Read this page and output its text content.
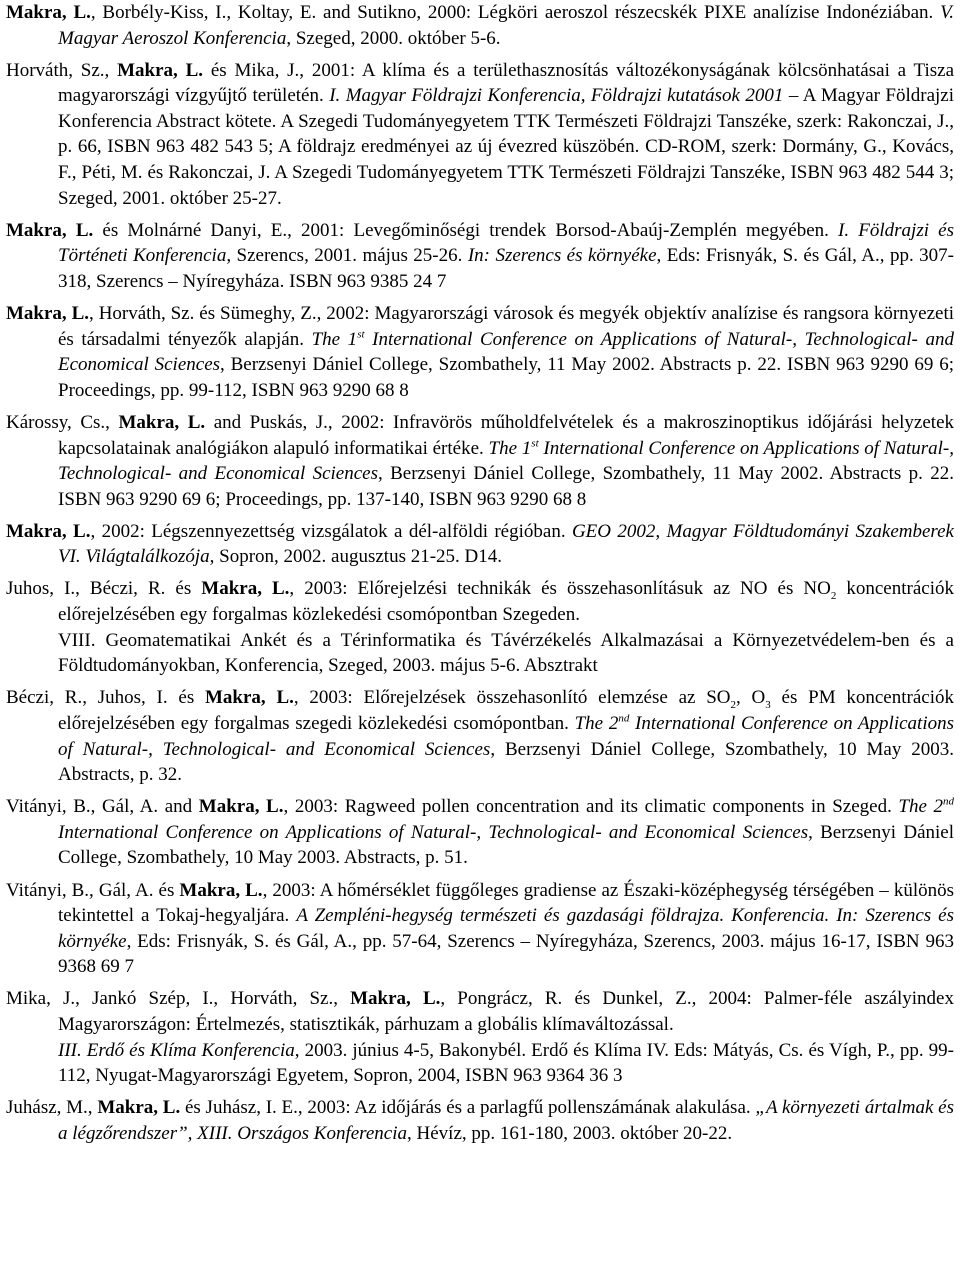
Makra, L., Borbély-Kiss, I., Koltay, E. and Sutikno, 2000: Légköri aeroszol részecskék PIXE analízise Indonéziában. V. Magyar Aeroszol Konferencia, Szeged, 2000. október 5-6.

Horváth, Sz., Makra, L. és Mika, J., 2001: A klíma és a területhasznosítás változékonyságának kölcsönhatásai a Tisza magyarországi vízgyűjtő területén. I. Magyar Földrajzi Konferencia, Földrajzi kutatások 2001 – A Magyar Földrajzi Konferencia Abstract kötete. A Szegedi Tudományegyetem TTK Természeti Földrajzi Tanszéke, szerk: Rakonczai, J., p. 66, ISBN 963 482 543 5; A földrajz eredményei az új évezred küszöbén. CD-ROM, szerk: Dormány, G., Kovács, F., Péti, M. és Rakonczai, J. A Szegedi Tudományegyetem TTK Természeti Földrajzi Tanszéke, ISBN 963 482 544 3; Szeged, 2001. október 25-27.

Makra, L. és Molnárné Danyi, E., 2001: Levegőminőségi trendek Borsod-Abaúj-Zemplén megyében. I. Földrajzi és Történeti Konferencia, Szerencs, 2001. május 25-26. In: Szerencs és környéke, Eds: Frisnyák, S. és Gál, A., pp. 307-318, Szerencs – Nyíregyháza. ISBN 963 9385 24 7

Makra, L., Horváth, Sz. és Sümeghy, Z., 2002: Magyarországi városok és megyék objektív analízise és rangsora környezeti és társadalmi tényezők alapján. The 1st International Conference on Applications of Natural-, Technological- and Economical Sciences, Berzsenyi Dániel College, Szombathely, 11 May 2002. Abstracts p. 22. ISBN 963 9290 69 6; Proceedings, pp. 99-112, ISBN 963 9290 68 8

Károssy, Cs., Makra, L. and Puskás, J., 2002: Infravörös műholdfelvételek és a makroszinoptikus időjárási helyzetek kapcsolatainak analógiákon alapuló informatikai értéke. The 1st International Conference on Applications of Natural-, Technological- and Economical Sciences, Berzsenyi Dániel College, Szombathely, 11 May 2002. Abstracts p. 22. ISBN 963 9290 69 6; Proceedings, pp. 137-140, ISBN 963 9290 68 8

Makra, L., 2002: Légszennyezettség vizsgálatok a dél-alföldi régióban. GEO 2002, Magyar Földtudományi Szakemberek VI. Világtalálkozója, Sopron, 2002. augusztus 21-25. D14.

Juhos, I., Béczi, R. és Makra, L., 2003: Előrejelzési technikák és összehasonlításuk az NO és $NO_2$ koncentrációk előrejelzésében egy forgalmas közlekedési csomópontban Szegeden.
VIII. Geomatematikai Ankét és a Térinformatika és Távérzékelés Alkalmazásai a Környezetvédelem-ben és a Földtudományokban, Konferencia, Szeged, 2003. május 5-6. Absztrakt

Béczi, R., Juhos, I. és Makra, L., 2003: Előrejelzések összehasonlító elemzése az $SO_2$, $O_3$ és PM koncentrációk előrejelzésében egy forgalmas szegedi közlekedési csomópontban. The 2nd International Conference on Applications of Natural-, Technological- and Economical Sciences, Berzsenyi Dániel College, Szombathely, 10 May 2003. Abstracts, p. 32.

Vitányi, B., Gál, A. and Makra, L., 2003: Ragweed pollen concentration and its climatic components in Szeged. The 2nd International Conference on Applications of Natural-, Technological- and Economical Sciences, Berzsenyi Dániel College, Szombathely, 10 May 2003. Abstracts, p. 51.

Vitányi, B., Gál, A. és Makra, L., 2003: A hőmérséklet függőleges gradiense az Északi-középhegység térségében – különös tekintettel a Tokaj-hegyaljára. A Zempléni-hegység természeti és gazdasági földrajza. Konferencia. In: Szerencs és környéke, Eds: Frisnyák, S. és Gál, A., pp. 57-64, Szerencs – Nyíregyháza, Szerencs, 2003. május 16-17, ISBN 963 9368 69 7

Mika, J., Jankó Szép, I., Horváth, Sz., Makra, L., Pongrácz, R. és Dunkel, Z., 2004: Palmer-féle aszályindex Magyarországon: Értelmezés, statisztikák, párhuzam a globális klímaváltozással.
III. Erdő és Klíma Konferencia, 2003. június 4-5, Bakonybél. Erdő és Klíma IV. Eds: Mátyás, Cs. és Vígh, P., pp. 99-112, Nyugat-Magyarországi Egyetem, Sopron, 2004, ISBN 963 9364 36 3

Juhász, M., Makra, L. és Juhász, I. E., 2003: Az időjárás és a parlagfű pollenszámának alakulása. „A környezeti ártalmak és a légzőrendszer”, XIII. Országos Konferencia, Hévíz, pp. 161-180, 2003. október 20-22.
